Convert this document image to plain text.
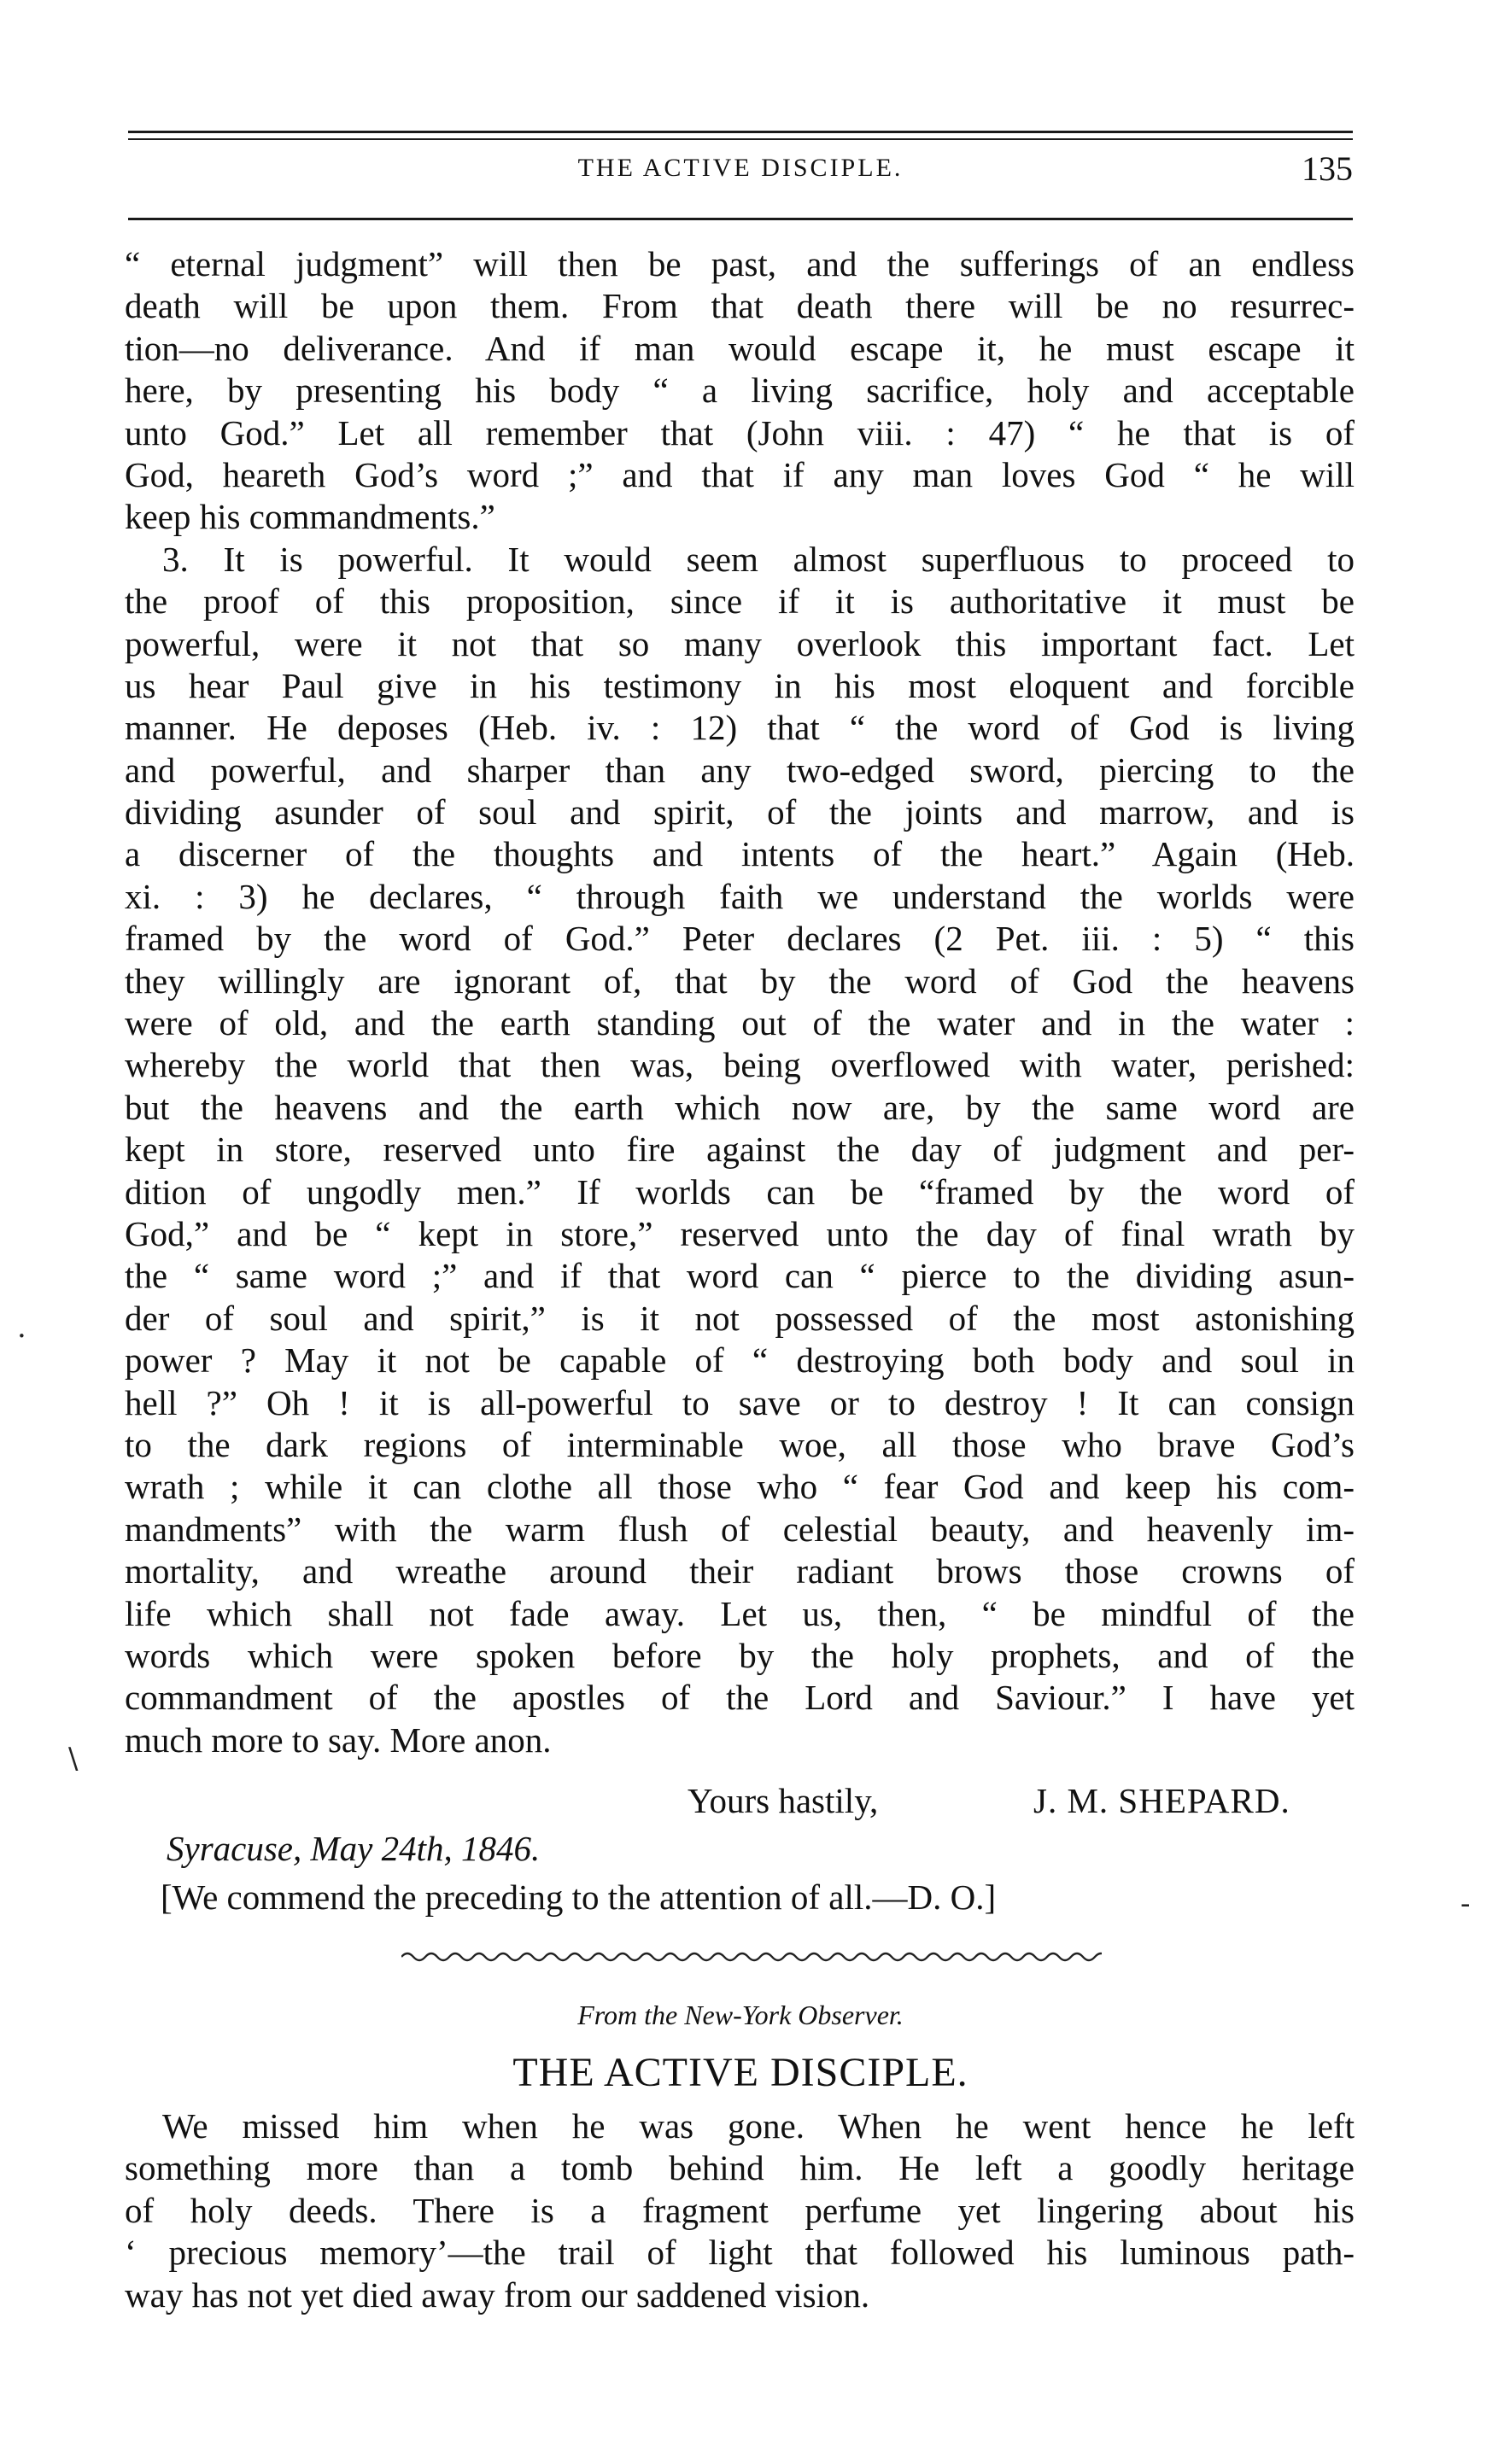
THE ACTIVE DISCIPLE.	135
“ eternal judgment” will then be past, and the sufferings of an endless
death will be upon them. From that death there will be no resurrec-
tion—no deliverance. And if man would escape it, he must escape it
here, by presenting his body “ a living sacrifice, holy and acceptable
unto God.” Let all remember that (John viii. : 47) “ he that is of
God, heareth God’s word ;” and that if any man loves God “ he will
keep his commandments.”
3. It is powerful. It would seem almost superfluous to proceed to
the proof of this proposition, since if it is authoritative it must be
powerful, were it not that so many overlook this important fact. Let
us hear Paul give in his testimony in his most eloquent and forcible
manner. He deposes (Heb. iv. : 12) that “ the word of God is living
and powerful, and sharper than any two-edged sword, piercing to the
dividing asunder of soul and spirit, of the joints and marrow, and is
a discerner of the thoughts and intents of the heart.” Again (Heb.
xi. : 3) he declares, “ through faith we understand the worlds were
framed by the word of God.” Peter declares (2 Pet. iii. : 5) “ this
they willingly are ignorant of, that by the word of God the heavens
were of old, and the earth standing out of the water and in the water :
whereby the world that then was, being overflowed with water, perished:
but the heavens and the earth which now are, by the same word are
kept in store, reserved unto fire against the day of judgment and per-
dition of ungodly men.” If worlds can be “framed by the word of
God,” and be “ kept in store,” reserved unto the day of final wrath by
the “ same word ;” and if that word can “ pierce to the dividing asun-
der of soul and spirit,” is it not possessed of the most astonishing
power ? May it not be capable of “ destroying both body and soul in
hell ?” Oh ! it is all-powerful to save or to destroy ! It can consign
to the dark regions of interminable woe, all those who brave God’s
wrath ; while it can clothe all those who “ fear God and keep his com-
mandments” with the warm flush of celestial beauty, and heavenly im-
mortality, and wreathe around their radiant brows those crowns of
life which shall not fade away. Let us, then, “ be mindful of the
words which were spoken before by the holy prophets, and of the
commandment of the apostles of the Lord and Saviour.” I have yet
much more to say. More anon.
Yours hastily,	J. M. SHEPARD.
Syracuse, May 24th, 1846.
[We commend the preceding to the attention of all.—D. O.]
From the New-York Observer.
THE ACTIVE DISCIPLE.
We missed him when he was gone. When he went hence he left
something more than a tomb behind him. He left a goodly heritage
of holy deeds. There is a fragment perfume yet lingering about his
‘ precious memory’—the trail of light that followed his luminous path-
way has not yet died away from our saddened vision.
·
\
-
